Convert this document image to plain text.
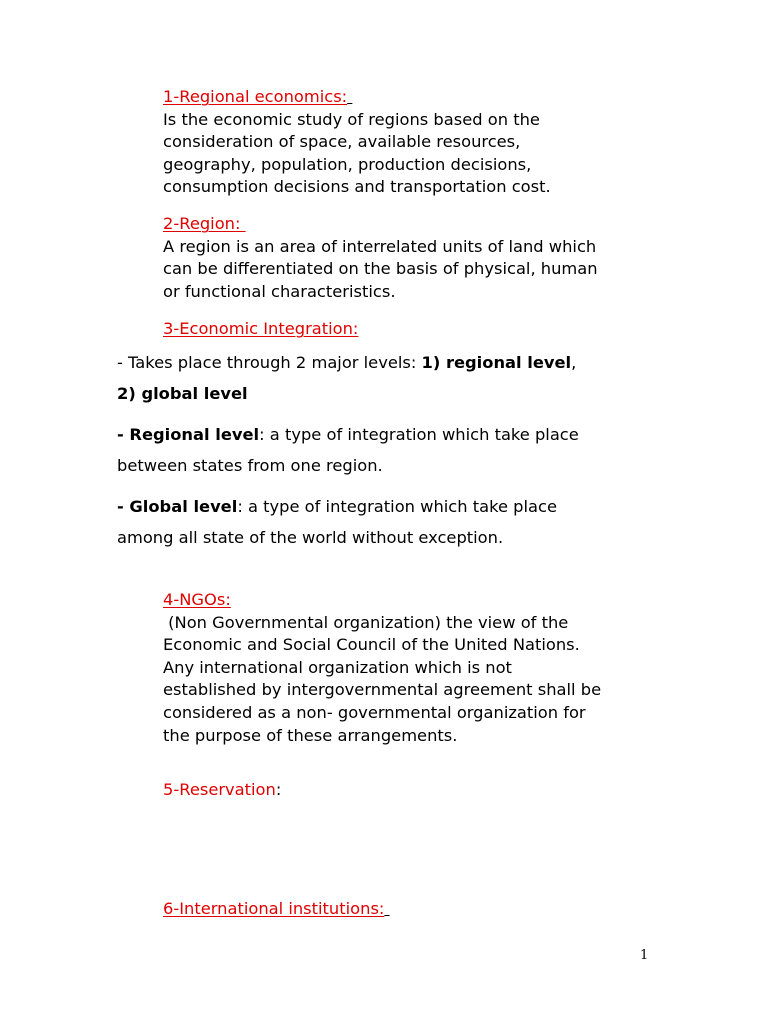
1-Regional economics:
Is the economic study of regions based on the
consideration of space, available resources,
geography, population, production decisions,
consumption decisions and transportation cost.
2-Region:
A region is an area of interrelated units of land which
can be differentiated on the basis of physical, human
or functional characteristics.
3-Economic Integration:
- Takes place through 2 major levels: 1) regional level,
2) global level
- Regional level: a type of integration which take place
between states from one region.
- Global level: a type of integration which take place
among all state of the world without exception.
4-NGOs:
(Non Governmental organization) the view of the
Economic and Social Council of the United Nations.
Any international organization which is not
established by intergovernmental agreement shall be
considered as a non- governmental organization for
the purpose of these arrangements.
5-Reservation:
6-International institutions:
1
